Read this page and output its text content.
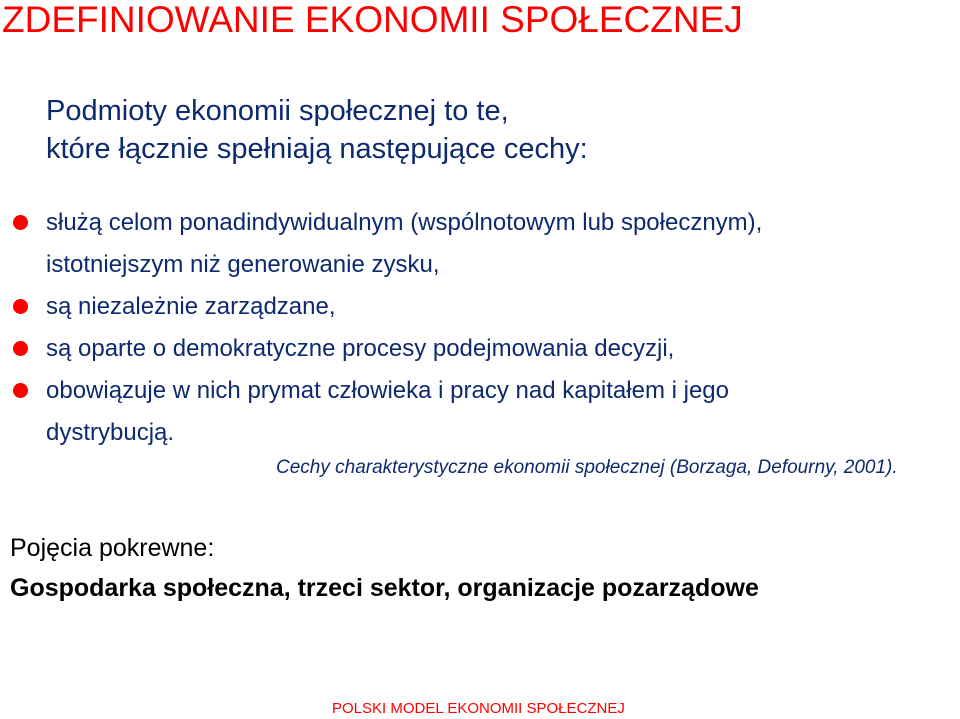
ZDEFINIOWANIE EKONOMII SPOŁECZNEJ
Podmioty ekonomii społecznej to te,
które łącznie spełniają następujące cechy:
służą celom ponadindywidualnym (wspólnotowym lub społecznym),
istotniejszym niż generowanie zysku,
są niezależnie zarządzane,
są oparte o demokratyczne procesy podejmowania decyzji,
obowiązuje w nich prymat człowieka i pracy nad kapitałem i jego
dystrybucją.
Cechy charakterystyczne ekonomii społecznej (Borzaga, Defourny, 2001).
Pojęcia pokrewne:
Gospodarka społeczna, trzeci sektor, organizacje pozarządowe
POLSKI MODEL EKONOMII SPOŁECZNEJ
